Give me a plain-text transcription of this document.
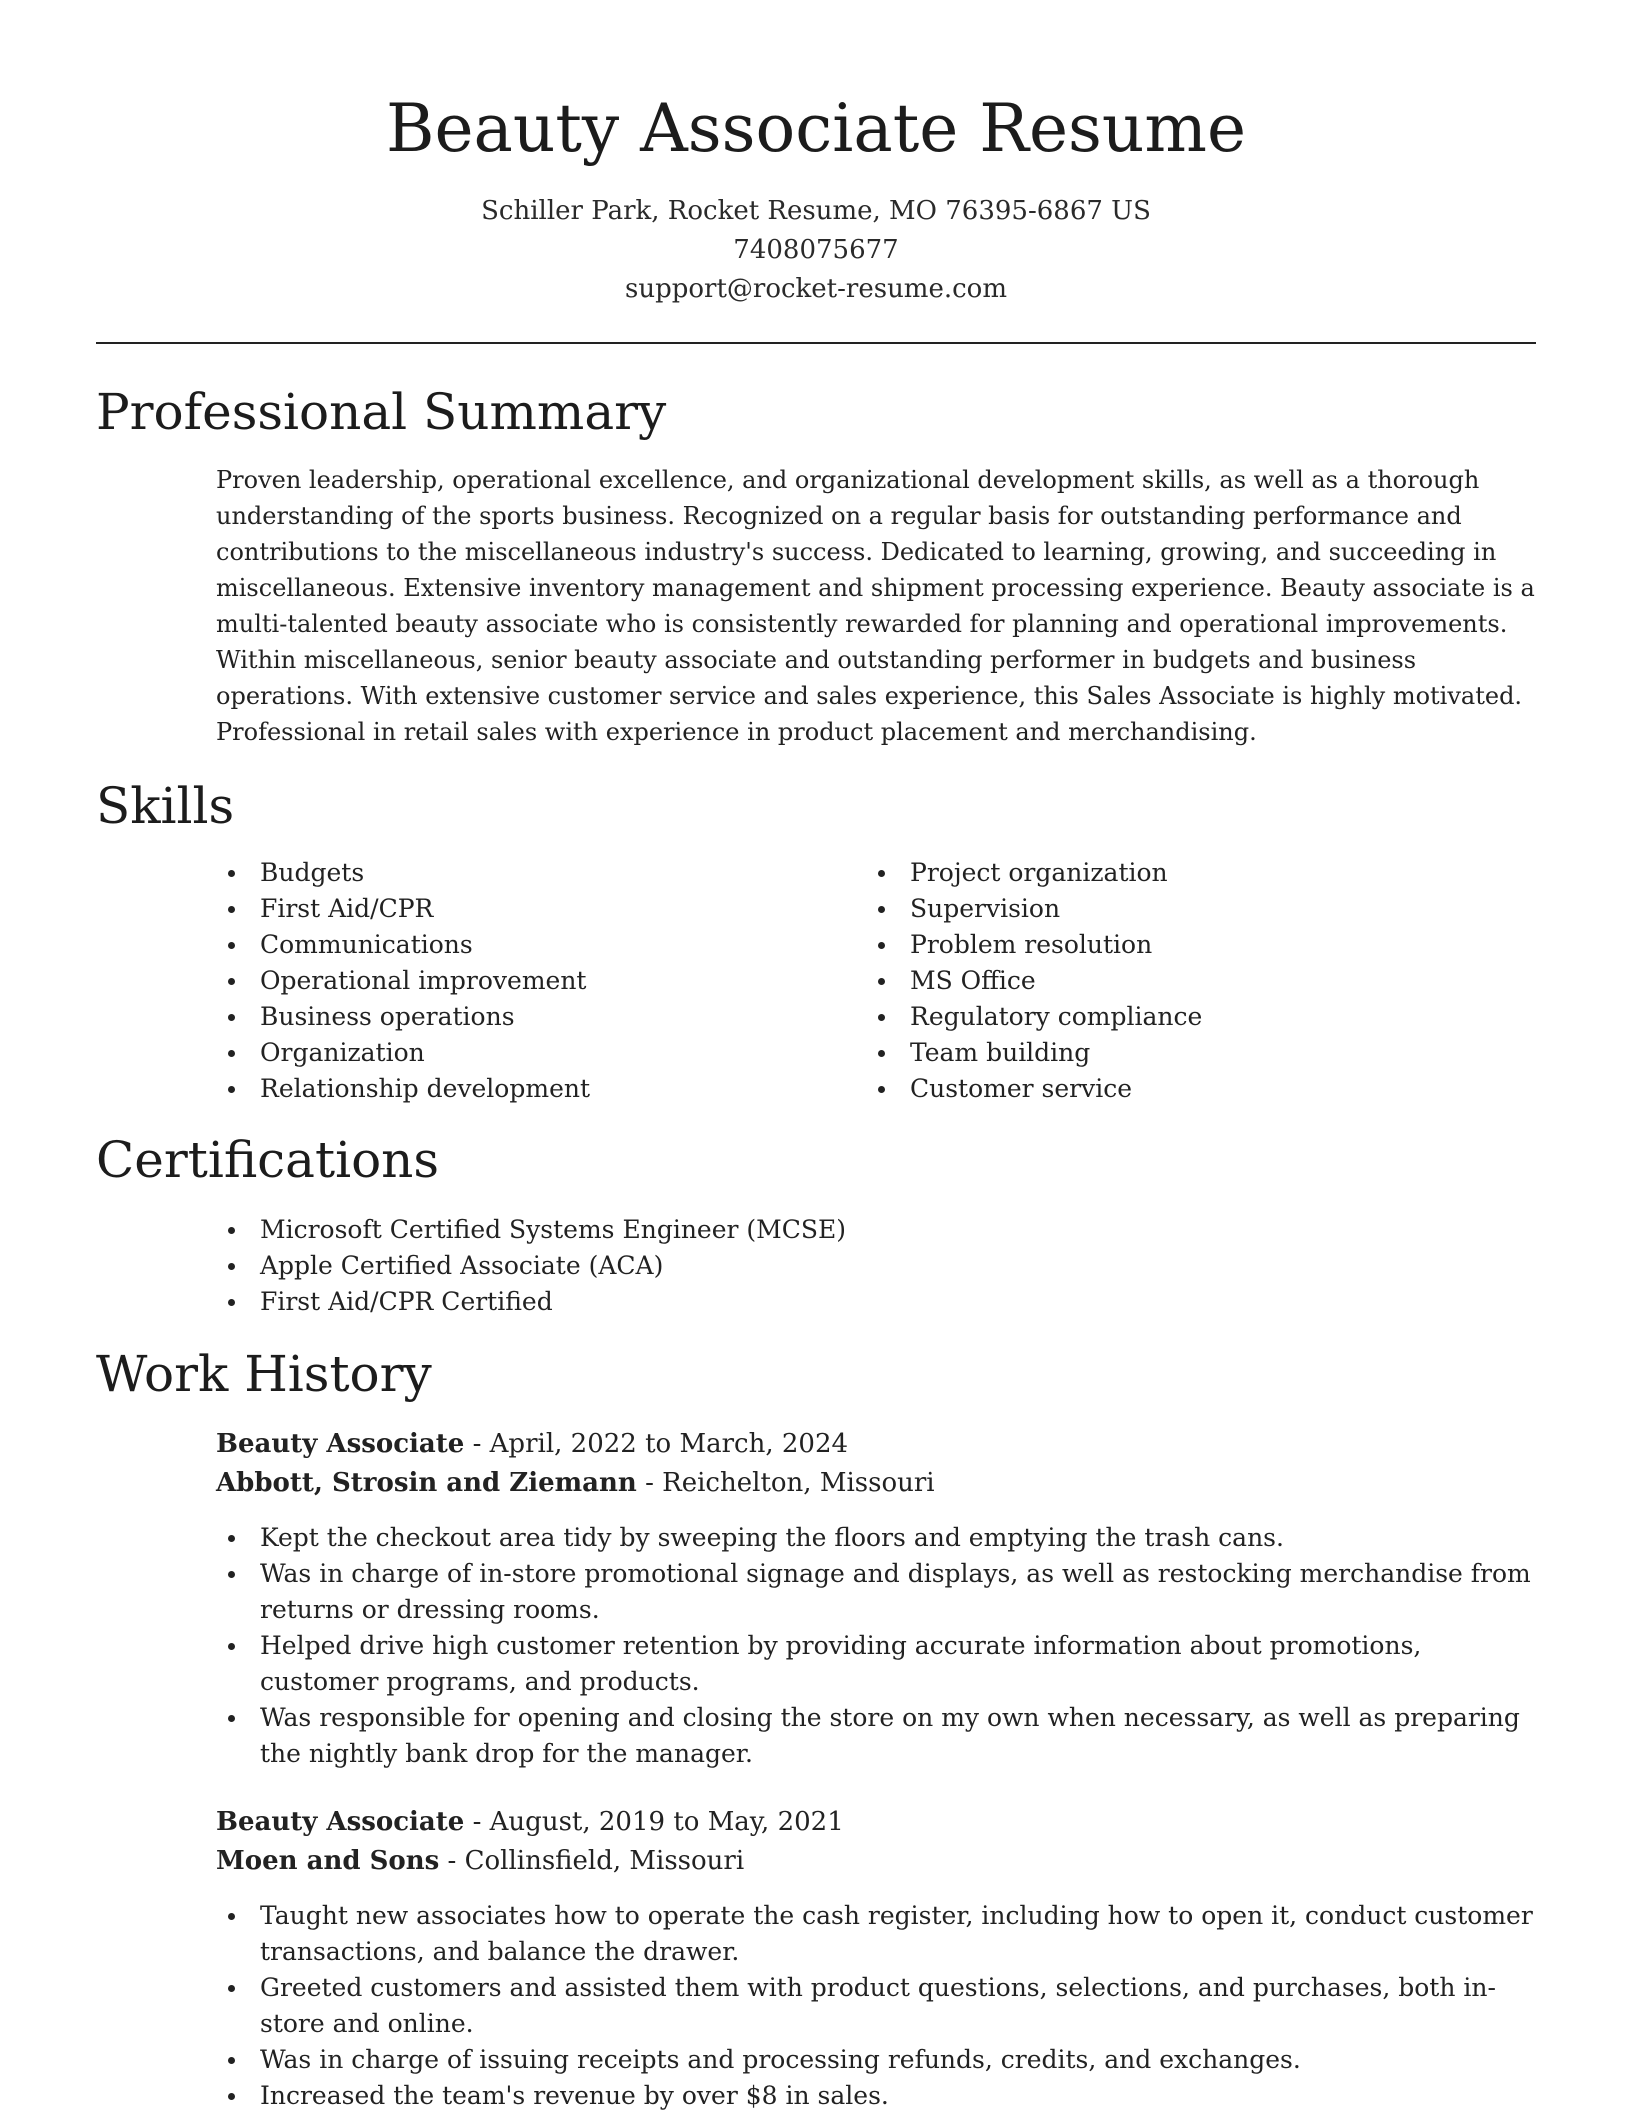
Beauty Associate Resume
Schiller Park, Rocket Resume, MO 76395-6867 US
7408075677
support@rocket-resume.com
Professional Summary

Proven leadership, operational excellence, and organizational development skills, as well as a thorough understanding of the sports business. Recognized on a regular basis for outstanding performance and contributions to the miscellaneous industry's success. Dedicated to learning, growing, and succeeding in miscellaneous. Extensive inventory management and shipment processing experience. Beauty associate is a multi-talented beauty associate who is consistently rewarded for planning and operational improvements. Within miscellaneous, senior beauty associate and outstanding performer in budgets and business operations. With extensive customer service and sales experience, this Sales Associate is highly motivated. Professional in retail sales with experience in product placement and merchandising.

Skills
Budgets
First Aid/CPR
Communications
Operational improvement
Business operations
Organization
Relationship development
Project organization
Supervision
Problem resolution
MS Office
Regulatory compliance
Team building
Customer service
Certifications
Microsoft Certified Systems Engineer (MCSE)
Apple Certified Associate (ACA)
First Aid/CPR Certified
Work History

Beauty Associate - April, 2022 to March, 2024

Abbott, Strosin and Ziemann - Reichelton, Missouri

Kept the checkout area tidy by sweeping the floors and emptying the trash cans.
Was in charge of in-store promotional signage and displays, as well as restocking merchandise from returns or dressing rooms.
Helped drive high customer retention by providing accurate information about promotions, customer programs, and products.
Was responsible for opening and closing the store on my own when necessary, as well as preparing the nightly bank drop for the manager.

Beauty Associate - August, 2019 to May, 2021

Moen and Sons - Collinsfield, Missouri

Taught new associates how to operate the cash register, including how to open it, conduct customer transactions, and balance the drawer.
Greeted customers and assisted them with product questions, selections, and purchases, both in-store and online.
Was in charge of issuing receipts and processing refunds, credits, and exchanges.
Increased the team's revenue by over $8 in sales.
